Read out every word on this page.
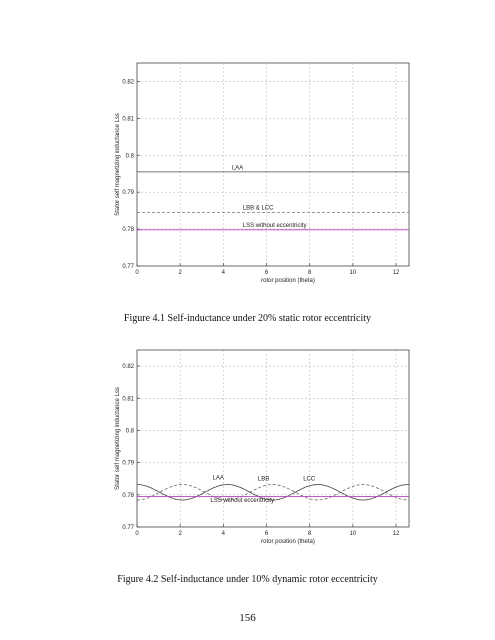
0	2	4	6	8	10	12
0.77
0.78
0.79
0.8
0.81
0.82
rotor position (theta)
Stator self magnetizing inductance Lss	LAA
LBB & LCC
LSS without eccentricity
Figure 4.1 Self-inductance under 20% static rotor eccentricity
0	2	4	6	8	10	12
0.77
0.78
0.79
0.8
0.81
0.82
rotor position (theta)
Stator self magnetizing inductance Lss	LAA	LBB	LCC
LSS without eccentricity
Figure 4.2 Self-inductance under 10% dynamic rotor eccentricity
156
